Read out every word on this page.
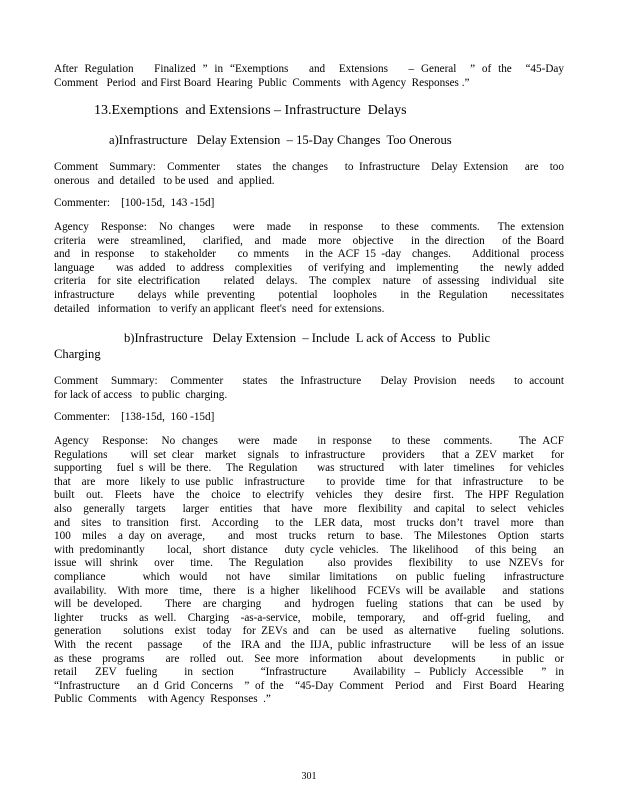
After Regulation   Finalized ” in “Exemptions   and  Extensions   – General  ” of the  “45-Day
Comment   Period  and First Board  Hearing  Public  Comments   with Agency  Responses .”
13.Exemptions  and Extensions – Infrastructure  Delays
a)Infrastructure   Delay Extension  – 15-Day Changes  Too Onerous
Comment  Summary:  Commenter   states  the changes   to Infrastructure  Delay Extension   are  too
onerous   and  detailed   to be used   and  applied.
Commenter:    [100-15d,  143 -15d]
Agency  Response:  No changes   were  made   in response   to these  comments.   The extension
criteria  were  streamlined,   clarified,  and  made  more  objective   in the direction   of the Board
and  in response   to stakeholder    co mments   in the ACF 15 -day  changes.    Additional  process
language    was added  to address  complexities   of verifying and  implementing    the  newly added
criteria  for site electrification    related  delays.  The complex  nature  of assessing  individual  site
infrastructure   delays while preventing   potential  loopholes   in the Regulation   necessitates
detailed   information   to verify an applicant  fleet's  need  for extensions.
b)Infrastructure   Delay Extension  – Include  L ack of Access  to  Public
Charging
Comment  Summary:  Commenter   states  the Infrastructure   Delay Provision  needs   to account
for lack of access   to public  charging.
Commenter:    [138-15d,  160 -15d]
Agency  Response:  No changes   were  made   in response   to these  comments.    The ACF
Regulations    will set clear  market  signals  to infrastructure   providers   that a ZEV market   for
supporting   fuel s will be there.   The Regulation    was structured   with later  timelines   for vehicles
that  are  more  likely to use public  infrastructure    to provide  time  for that  infrastructure   to be
built  out.  Fleets  have  the  choice  to electrify  vehicles  they  desire  first.  The HPF Regulation
also  generally  targets   larger  entities  that  have  more  flexibility  and capital  to select  vehicles
and  sites  to transition  first.  According   to the  LER data,  most  trucks don’t  travel  more  than
100  miles  a day on average,    and  most  trucks  return  to base.  The Milestones  Option  starts
with predominantly    local,  short distance   duty cycle vehicles.  The likelihood   of this being   an
issue will shrink  over  time.  The Regulation   also provides  flexibility  to use NZEVs for
compliance    which would  not have  similar limitations  on public fueling  infrastructure
availability.  With more  time,  there  is a higher  likelihood  FCEVs will be available   and  stations
will be developed.    There  are charging    and  hydrogen  fueling  stations  that can  be used  by
lighter   trucks  as well.  Charging  -as-a-service,  mobile,  temporary,   and  off-grid  fueling,   and
generation    solutions  exist  today  for ZEVs and  can  be used  as alternative    fueling  solutions.
With  the recent   passage    of the  IRA and  the IIJA, public infrastructure    will be less of an issue
as these  programs    are  rolled  out.  See more  information   about  developments     in public  or
retail  ZEV fueling   in section   “Infrastructure   Availability – Publicly Accessible  ” in
“Infrastructure   an d Grid Concerns  ” of the  “45-Day Comment  Period  and  First Board  Hearing
Public  Comments    with Agency  Responses  .”
301
